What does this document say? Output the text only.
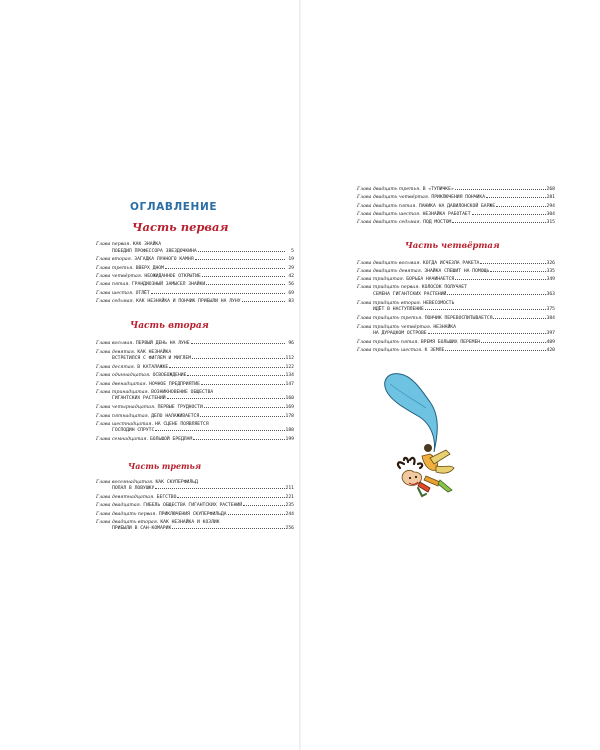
ОГЛАВЛЕНИЕ
Часть первая
Глава первая. КАК ЗНАЙКА
ПОБЕДИЛ ПРОФЕССОРА ЗВЕЗДОЧКИНА	5
Глава вторая. ЗАГАДКА ЛУННОГО КАМНЯ	19
Глава третья. ВВЕРХ ДНОМ	29
Глава четвёртая. НЕОЖИДАННОЕ ОТКРЫТИЕ	42
Глава пятая. ГРАНДИОЗНЫЙ ЗАМЫСЕЛ ЗНАЙКИ	56
Глава шестая. ОТЛЁТ	69
Глава седьмая. КАК НЕЗНАЙКА И ПОНЧИК ПРИБЫЛИ НА ЛУНУ	83
Часть вторая
Глава восьмая. ПЕРВЫЙ ДЕНЬ НА ЛУНЕ	96
Глава девятая. КАК НЕЗНАЙКА
ВСТРЕТИЛСЯ С ФИГЛЕМ И МИГЛЕМ	112
Глава десятая. В КАТАЛАЖКЕ	122
Глава одиннадцатая. ОСВОБОЖДЕНИЕ	134
Глава двенадцатая. НОЧНОЕ ПРЕДПРИЯТИЕ	147
Глава тринадцатая. ВОЗНИКНОВЕНИЕ ОБЩЕСТВА
ГИГАНТСКИХ РАСТЕНИЙ	160
Глава четырнадцатая. ПЕРВЫЕ ТРУДНОСТИ	169
Глава пятнадцатая. ДЕЛО НАЛАЖИВАЕТСЯ	178
Глава шестнадцатая. НА СЦЕНЕ ПОЯВЛЯЕТСЯ
ГОСПОДИН СПРУТС	188
Глава семнадцатая. БОЛЬШОЙ БРЕДЛАМ	199
Часть третья
Глава восемнадцатая. КАК СКУПЕРФИЛЬД
ПОПАЛ В ЛОВУШКУ	211
Глава девятнадцатая. БЕГСТВО	221
Глава двадцатая. ГИБЕЛЬ ОБЩЕСТВА ГИГАНТСКИХ РАСТЕНИЙ	235
Глава двадцать первая. ПРИКЛЮЧЕНИЯ СКУПЕРФИЛЬДА	244
Глава двадцать вторая. КАК НЕЗНАЙКА И КОЗЛИК
ПРИБЫЛИ В САН-КОМАРИК	256
Глава двадцать третья. В «ТУПИЧКЕ»	268
Глава двадцать четвёртая. ПРИКЛЮЧЕНИЯ ПОНЧИКА	281
Глава двадцать пятая. ПАНИКА НА ДАВИЛОНСКОЙ БАРЖЕ	294
Глава двадцать шестая. НЕЗНАЙКА РАБОТАЕТ	304
Глава двадцать седьмая. ПОД МОСТОМ	315
Часть четвёртая
Глава двадцать восьмая. КОГДА ИСЧЕЗЛА РАКЕТА	326
Глава двадцать девятая. ЗНАЙКА СПЕШИТ НА ПОМОЩЬ	335
Глава тридцатая. БОРЬБА НАЧИНАЕТСЯ	349
Глава тридцать первая. КОЛОСОК ПОЛУЧАЕТ
СЕМЕНА ГИГАНТСКИХ РАСТЕНИЙ	363
Глава тридцать вторая. НЕВЕСОМОСТЬ
ИДЁТ В НАСТУПЛЕНИЕ	375
Глава тридцать третья. ПОНЧИК ПЕРЕВОСПИТЫВАЕТСЯ	384
Глава тридцать четвёртая. НЕЗНАЙКА
НА ДУРАЦКОМ ОСТРОВЕ	397
Глава тридцать пятая. ВРЕМЯ БОЛЬШИХ ПЕРЕМЕН	409
Глава тридцать шестая. К ЗЕМЛЕ	420
